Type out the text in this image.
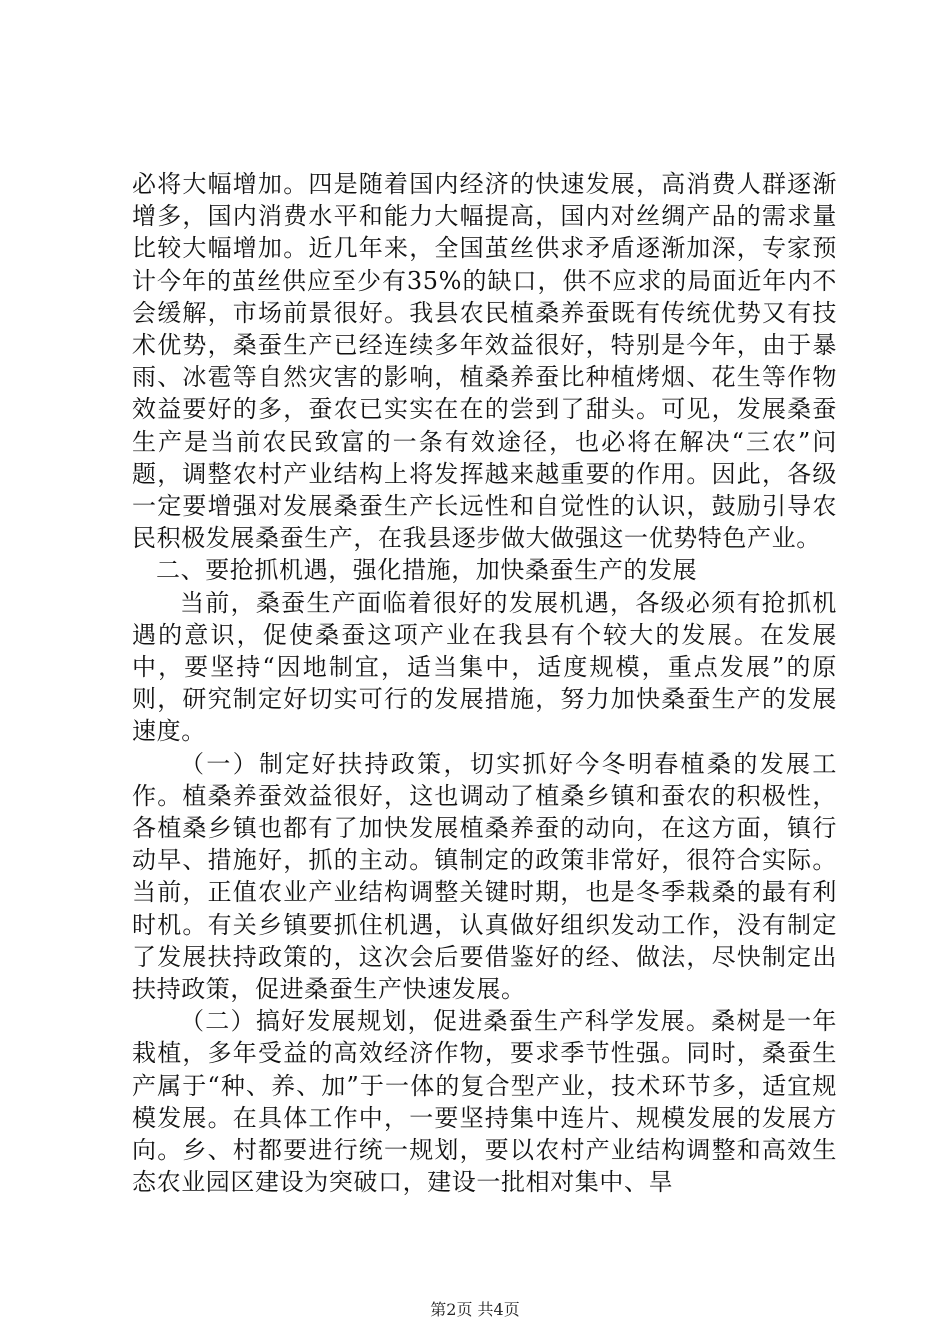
必将大幅增加。四是随着国内经济的快速发展，高消费人群逐渐增多，国内消费水平和能力大幅提高，国内对丝绸产品的需求量比较大幅增加。近几年来，全国茧丝供求矛盾逐渐加深，专家预计今年的茧丝供应至少有35%的缺口，供不应求的局面近年内不会缓解，市场前景很好。我县农民植桑养蚕既有传统优势又有技术优势，桑蚕生产已经连续多年效益很好，特别是今年，由于暴雨、冰雹等自然灾害的影响，植桑养蚕比种植烤烟、花生等作物效益要好的多，蚕农已实实在在的尝到了甜头。可见，发展桑蚕生产是当前农民致富的一条有效途径，也必将在解决“三农”问题，调整农村产业结构上将发挥越来越重要的作用。因此，各级一定要增强对发展桑蚕生产长远性和自觉性的认识，鼓励引导农民积极发展桑蚕生产，在我县逐步做大做强这一优势特色产业。

二、要抢抓机遇，强化措施，加快桑蚕生产的发展

当前，桑蚕生产面临着很好的发展机遇，各级必须有抢抓机遇的意识，促使桑蚕这项产业在我县有个较大的发展。在发展中，要坚持“因地制宜，适当集中，适度规模，重点发展”的原则，研究制定好切实可行的发展措施，努力加快桑蚕生产的发展速度。

（一）制定好扶持政策，切实抓好今冬明春植桑的发展工作。植桑养蚕效益很好，这也调动了植桑乡镇和蚕农的积极性，各植桑乡镇也都有了加快发展植桑养蚕的动向，在这方面，镇行动早、措施好，抓的主动。镇制定的政策非常好，很符合实际。当前，正值农业产业结构调整关键时期，也是冬季栽桑的最有利时机。有关乡镇要抓住机遇，认真做好组织发动工作，没有制定了发展扶持政策的，这次会后要借鉴好的经、做法，尽快制定出扶持政策，促进桑蚕生产快速发展。

（二）搞好发展规划，促进桑蚕生产科学发展。桑树是一年栽植，多年受益的高效经济作物，要求季节性强。同时，桑蚕生产属于“种、养、加”于一体的复合型产业，技术环节多，适宜规模发展。在具体工作中，一要坚持集中连片、规模发展的发展方向。乡、村都要进行统一规划，要以农村产业结构调整和高效生态农业园区建设为突破口，建设一批相对集中、旱

第2页 共4页
